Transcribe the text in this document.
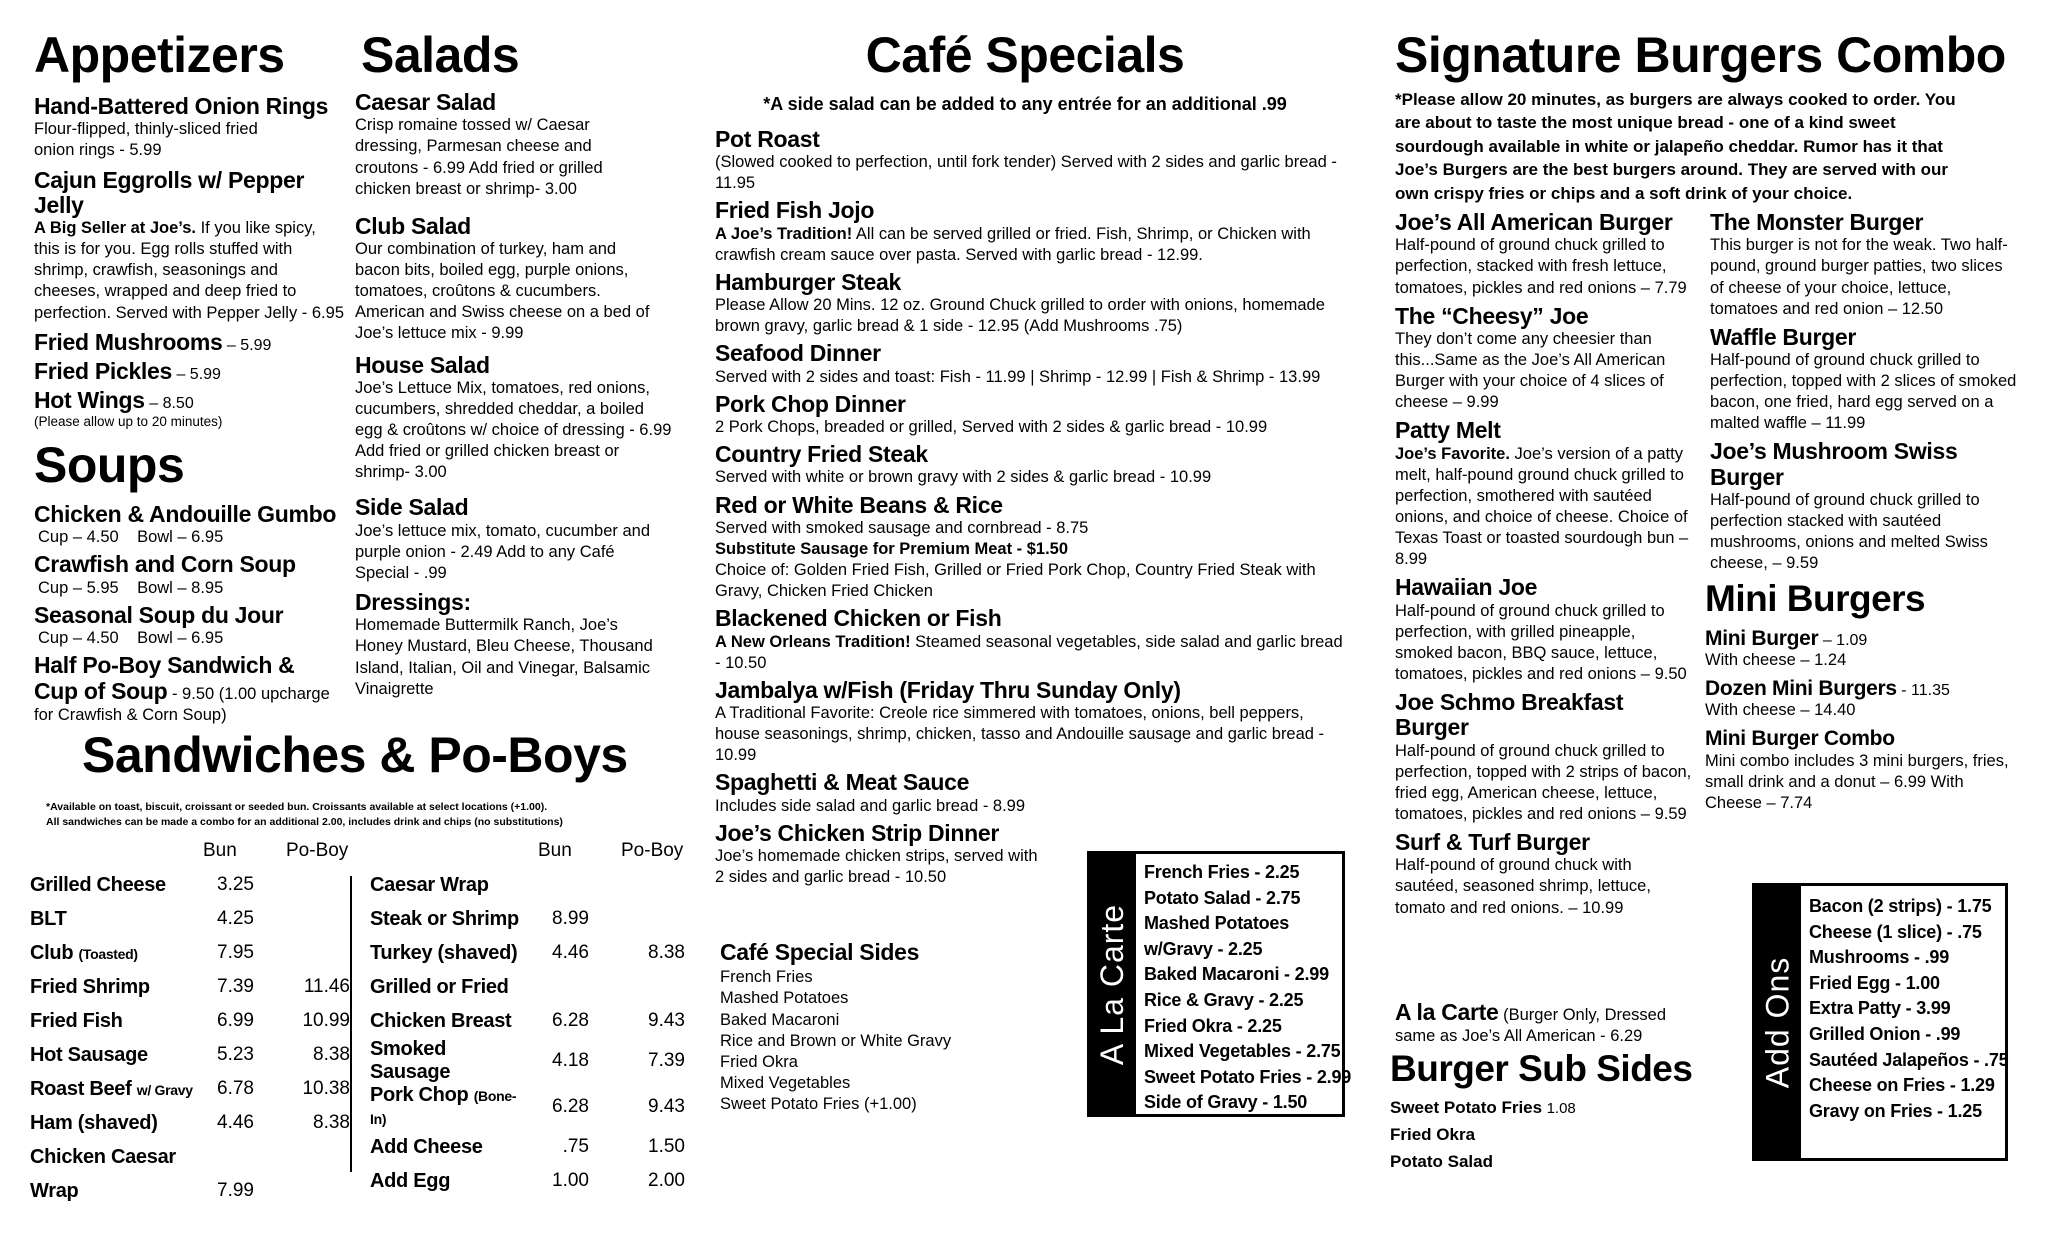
Appetizers
Hand-Battered Onion Rings
Flour-flipped, thinly-sliced fried onion rings - 5.99
Cajun Eggrolls w/ Pepper Jelly
A Big Seller at Joe’s. If you like spicy, this is for you. Egg rolls stuffed with shrimp, crawfish, seasonings and cheeses, wrapped and deep fried to perfection. Served with Pepper Jelly - 6.95
Fried Mushrooms – 5.99
Fried Pickles – 5.99
Hot Wings – 8.50
(Please allow up to 20 minutes)
Soups
Chicken & Andouille Gumbo
Cup – 4.50    Bowl – 6.95
Crawfish and Corn Soup
Cup – 5.95    Bowl – 8.95
Seasonal Soup du Jour
Cup – 4.50    Bowl – 6.95
Half Po-Boy Sandwich & Cup of Soup - 9.50 (1.00 upcharge for Crawfish & Corn Soup)
Salads
Caesar Salad
Crisp romaine tossed w/ Caesar dressing, Parmesan cheese and croutons - 6.99 Add fried or grilled chicken breast or shrimp- 3.00
Club Salad
Our combination of turkey, ham and bacon bits, boiled egg, purple onions, tomatoes, croûtons & cucumbers. American and Swiss cheese on a bed of Joe’s lettuce mix - 9.99
House Salad
Joe’s Lettuce Mix, tomatoes, red onions, cucumbers, shredded cheddar, a boiled egg & croûtons w/ choice of dressing - 6.99 Add fried or grilled chicken breast or shrimp- 3.00
Side Salad
Joe’s lettuce mix, tomato, cucumber and purple onion - 2.49 Add to any Café Special - .99
Dressings:
Homemade Buttermilk Ranch, Joe’s Honey Mustard, Bleu Cheese, Thousand Island, Italian, Oil and Vinegar, Balsamic Vinaigrette
Sandwiches & Po-Boys
*Available on toast, biscuit, croissant or seeded bun. Croissants available at select locations (+1.00).
All sandwiches can be made a combo for an additional 2.00, includes drink and chips (no substitutions)
	Bun	Po-Boy
Grilled Cheese	3.25	
BLT	4.25	
Club (Toasted)	7.95	
Fried Shrimp	7.39	11.46
Fried Fish	6.99	10.99
Hot Sausage	5.23	8.38
Roast Beef w/ Gravy	6.78	10.38
Ham (shaved)	4.46	8.38
Chicken Caesar		
Wrap	7.99	
	Bun	Po-Boy
Caesar Wrap		
Steak or Shrimp	8.99	
Turkey (shaved)	4.46	8.38
Grilled or Fried		
Chicken Breast	6.28	9.43
Smoked Sausage	4.18	7.39
Pork Chop (Bone-In)	6.28	9.43
Add Cheese	.75	1.50
Add Egg	1.00	2.00
Café Specials
*A side salad can be added to any entrée for an additional .99
Pot Roast
(Slowed cooked to perfection, until fork tender) Served with 2 sides and garlic bread - 11.95
Fried Fish Jojo
A Joe’s Tradition! All can be served grilled or fried. Fish, Shrimp, or Chicken with crawfish cream sauce over pasta. Served with garlic bread - 12.99.
Hamburger Steak
Please Allow 20 Mins. 12 oz. Ground Chuck grilled to order with onions, homemade brown gravy, garlic bread & 1 side - 12.95 (Add Mushrooms .75)
Seafood Dinner
Served with 2 sides and toast: Fish - 11.99 | Shrimp - 12.99 | Fish & Shrimp - 13.99
Pork Chop Dinner
2 Pork Chops, breaded or grilled, Served with 2 sides & garlic bread - 10.99
Country Fried Steak
Served with white or brown gravy with 2 sides & garlic bread - 10.99
Red or White Beans & Rice
Served with smoked sausage and cornbread - 8.75
Substitute Sausage for Premium Meat - $1.50
Choice of: Golden Fried Fish, Grilled or Fried Pork Chop, Country Fried Steak with Gravy, Chicken Fried Chicken
Blackened Chicken or Fish
A New Orleans Tradition! Steamed seasonal vegetables, side salad and garlic bread - 10.50
Jambalya w/Fish (Friday Thru Sunday Only)
A Traditional Favorite: Creole rice simmered with tomatoes, onions, bell peppers, house seasonings, shrimp, chicken, tasso and Andouille sausage and garlic bread - 10.99
Spaghetti & Meat Sauce
Includes side salad and garlic bread - 8.99
Joe’s Chicken Strip Dinner
Joe’s homemade chicken strips, served with 2 sides and garlic bread - 10.50
Café Special Sides
French Fries
Mashed Potatoes
Baked Macaroni
Rice and Brown or White Gravy
Fried Okra
Mixed Vegetables
Sweet Potato Fries (+1.00)
A La Carte
French Fries - 2.25
Potato Salad - 2.75
Mashed Potatoes
w/Gravy - 2.25
Baked Macaroni - 2.99
Rice & Gravy - 2.25
Fried Okra - 2.25
Mixed Vegetables - 2.75
Sweet Potato Fries - 2.99
Side of Gravy - 1.50
Signature Burgers Combo
*Please allow 20 minutes, as burgers are always cooked to order. You are about to taste the most unique bread - one of a kind sweet sourdough available in white or jalapeño cheddar. Rumor has it that Joe’s Burgers are the best burgers around. They are served with our own crispy fries or chips and a soft drink of your choice.
Joe’s All American Burger
Half-pound of ground chuck grilled to perfection, stacked with fresh lettuce, tomatoes, pickles and red onions – 7.79
The “Cheesy” Joe
They don’t come any cheesier than this...Same as the Joe’s All American Burger with your choice of 4 slices of cheese – 9.99
Patty Melt
Joe’s Favorite. Joe’s version of a patty melt, half-pound ground chuck grilled to perfection, smothered with sautéed onions, and choice of cheese. Choice of Texas Toast or toasted sourdough bun – 8.99
Hawaiian Joe
Half-pound of ground chuck grilled to perfection, with grilled pineapple, smoked bacon, BBQ sauce, lettuce, tomatoes, pickles and red onions – 9.50
Joe Schmo Breakfast Burger
Half-pound of ground chuck grilled to perfection, topped with 2 strips of bacon, fried egg, American cheese, lettuce, tomatoes, pickles and red onions – 9.59
Surf & Turf Burger
Half-pound of ground chuck with sautéed, seasoned shrimp, lettuce, tomato and red onions. – 10.99
A la Carte (Burger Only, Dressed same as Joe’s All American - 6.29
The Monster Burger
This burger is not for the weak. Two half-pound, ground burger patties, two slices of cheese of your choice, lettuce, tomatoes and red onion – 12.50
Waffle Burger
Half-pound of ground chuck grilled to perfection, topped with 2 slices of smoked bacon, one fried, hard egg served on a malted waffle – 11.99
Joe’s Mushroom Swiss Burger
Half-pound of ground chuck grilled to perfection stacked with sautéed mushrooms, onions and melted Swiss cheese, – 9.59
Mini Burgers
Mini Burger – 1.09
With cheese – 1.24
Dozen Mini Burgers - 11.35
With cheese – 14.40
Mini Burger Combo
Mini combo includes 3 mini burgers, fries, small drink and a donut – 6.99 With Cheese – 7.74
Burger Sub Sides
Sweet Potato Fries 1.08
Fried Okra
Potato Salad
Add Ons
Bacon (2 strips) - 1.75
Cheese (1 slice) - .75
Mushrooms - .99
Fried Egg - 1.00
Extra Patty - 3.99
Grilled Onion - .99
Sautéed Jalapeños - .75
Cheese on Fries - 1.29
Gravy on Fries - 1.25
